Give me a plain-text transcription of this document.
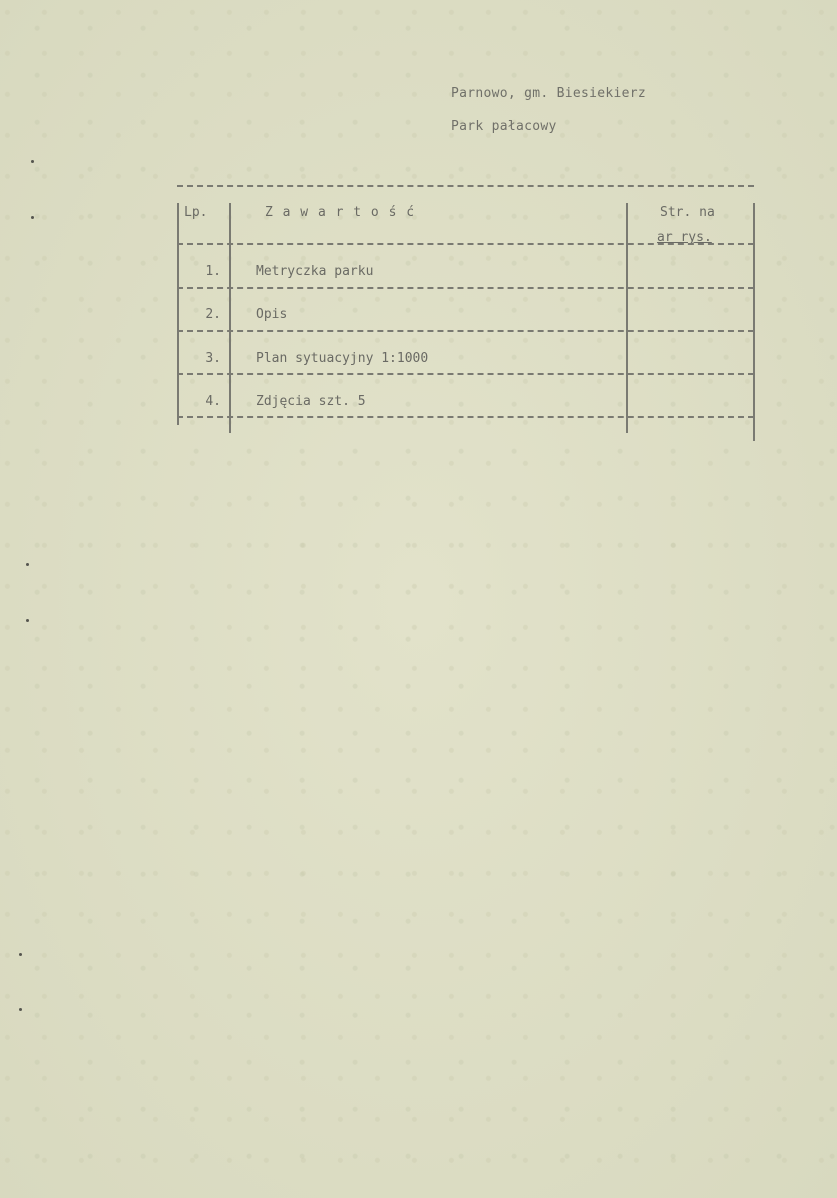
Parnowo, gm. Biesiekierz
Park pałacowy
Lp.	Z a w a r t o ś ć	Str. na
ar rys.
1.	Metryczka parku
2.	Opis
3.	Plan sytuacyjny 1:1000
4.	Zdjęcia szt. 5
